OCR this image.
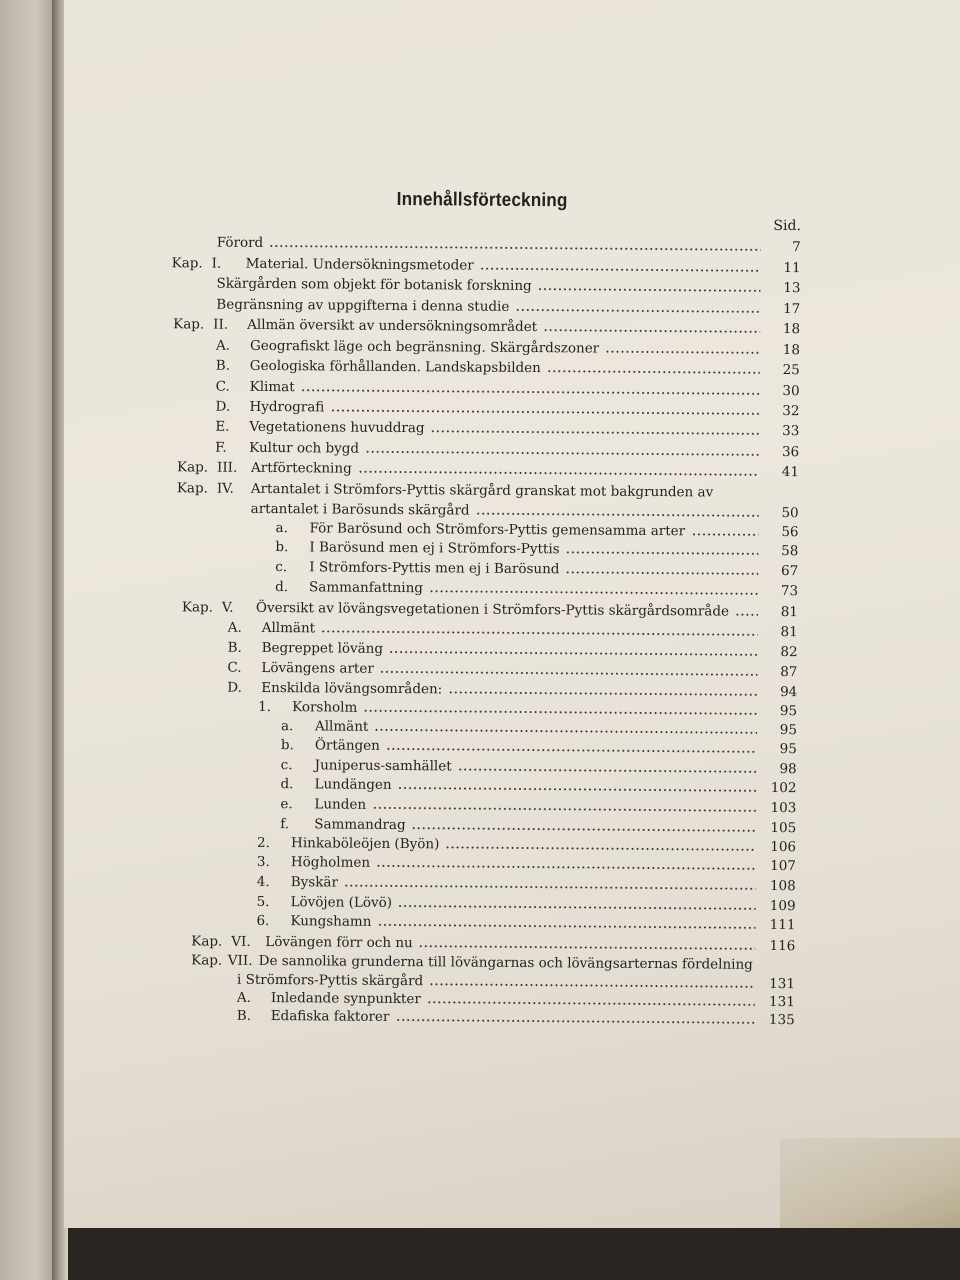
Innehållsförteckning
Sid.
Förord	7
Kap. I.	Material. Undersökningsmetoder	11
Skärgården som objekt för botanisk forskning	13
Begränsning av uppgifterna i denna studie	17
Kap. II.	Allmän översikt av undersökningsområdet	18
A.	Geografiskt läge och begränsning. Skärgårdszoner	18
B.	Geologiska förhållanden. Landskapsbilden	25
C.	Klimat	30
D.	Hydrografi	32
E.	Vegetationens huvuddrag	33
F.	Kultur och bygd	36
Kap. III.	Artförteckning	41
Kap. IV.	Artantalet i Strömfors-Pyttis skärgård granskat mot bakgrunden av
artantalet i Barösunds skärgård	50
a.	För Barösund och Strömfors-Pyttis gemensamma arter	56
b.	I Barösund men ej i Strömfors-Pyttis	58
c.	I Strömfors-Pyttis men ej i Barösund	67
d.	Sammanfattning	73
Kap. V.	Översikt av lövängsvegetationen i Strömfors-Pyttis skärgårdsområde	81
A.	Allmänt	81
B.	Begreppet löväng	82
C.	Lövängens arter	87
D.	Enskilda lövängsområden:	94
1.	Korsholm	95
a.	Allmänt	95
b.	Örtängen	95
c.	Juniperus-samhället	98
d.	Lundängen	102
e.	Lunden	103
f.	Sammandrag	105
2.	Hinkaböleöjen (Byön)	106
3.	Högholmen	107
4.	Byskär	108
5.	Lövöjen (Lövö)	109
6.	Kungshamn	111
Kap. VI.	Lövängen förr och nu	116
Kap. VII. De sannolika grunderna till lövängarnas och lövängsarternas fördelning
i Strömfors-Pyttis skärgård	131
A.	Inledande synpunkter	131
B.	Edafiska faktorer	135
